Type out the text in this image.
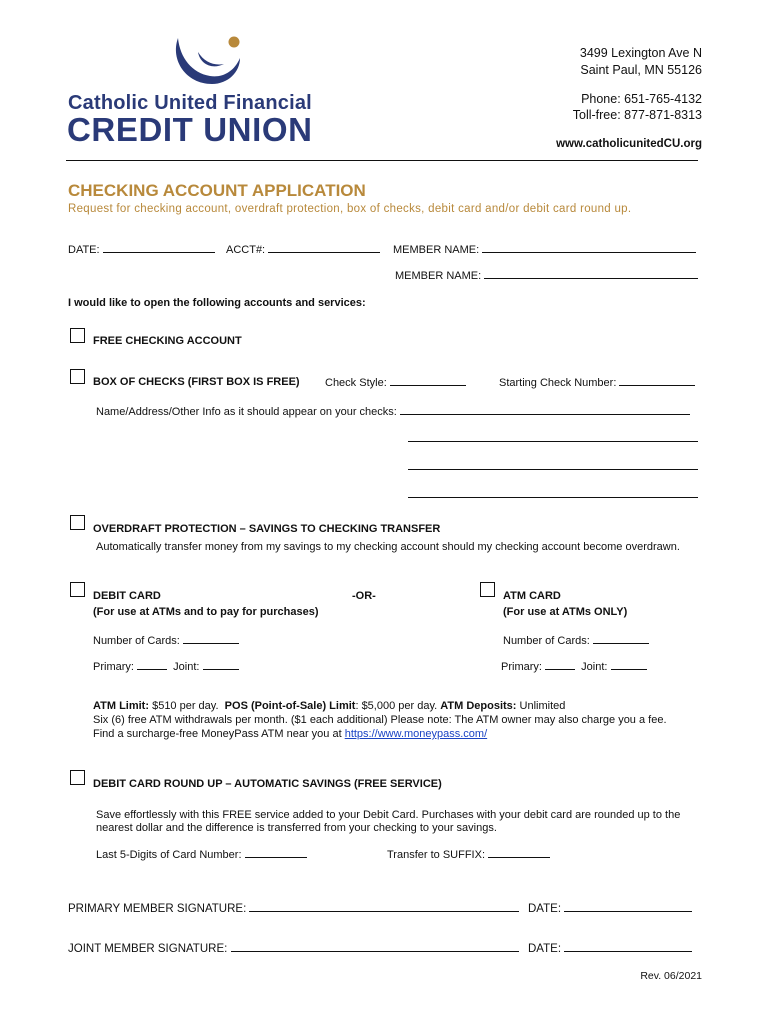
Catholic United Financial
CREDIT UNION
3499 Lexington Ave N
Saint Paul, MN 55126
Phone: 651-765-4132
Toll-free: 877-871-8313
www.catholicunitedCU.org
CHECKING ACCOUNT APPLICATION
Request for checking account, overdraft protection, box of checks, debit card and/or debit card round up.
DATE:	ACCT#:	MEMBER NAME:
MEMBER NAME:
I would like to open the following accounts and services:
FREE CHECKING ACCOUNT
BOX OF CHECKS (FIRST BOX IS FREE) Check Style:	Starting Check Number:
Name/Address/Other Info as it should appear on your checks:
OVERDRAFT PROTECTION – SAVINGS TO CHECKING TRANSFER
Automatically transfer money from my savings to my checking account should my checking account become overdrawn.
DEBIT CARD
(For use at ATMs and to pay for purchases)
-OR-
Number of Cards:
Primary:	Joint:
ATM CARD
(For use at ATMs ONLY)
Number of Cards:
Primary:	Joint:
ATM Limit: $510 per day. POS (Point-of-Sale) Limit: $5,000 per day. ATM Deposits: Unlimited
Six (6) free ATM withdrawals per month. ($1 each additional) Please note: The ATM owner may also charge you a fee.
Find a surcharge-free MoneyPass ATM near you at https://www.moneypass.com/
DEBIT CARD ROUND UP – AUTOMATIC SAVINGS (FREE SERVICE)
Save effortlessly with this FREE service added to your Debit Card. Purchases with your debit card are rounded up to the
nearest dollar and the difference is transferred from your checking to your savings.
Last 5-Digits of Card Number:	Transfer to SUFFIX:
PRIMARY MEMBER SIGNATURE:	DATE:
JOINT MEMBER SIGNATURE:	DATE:
Rev. 06/2021
